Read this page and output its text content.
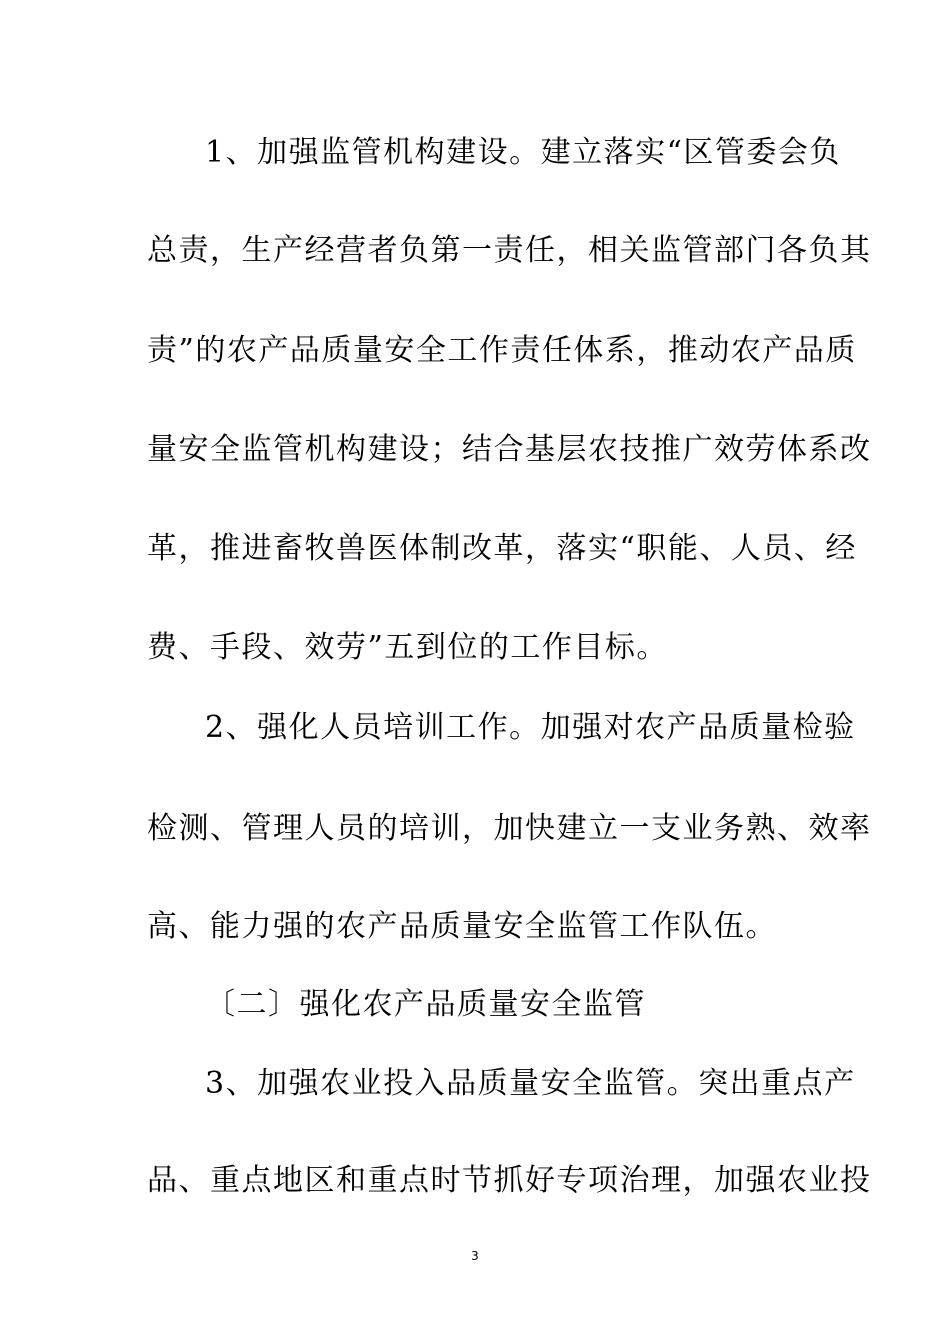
1、加强监管机构建设。建立落实“区管委会负
总责，生产经营者负第一责任，相关监管部门各负其
责”的农产品质量安全工作责任体系，推动农产品质
量安全监管机构建设；结合基层农技推广效劳体系改
革，推进畜牧兽医体制改革，落实“职能、人员、经
费、手段、效劳”五到位的工作目标。
2、强化人员培训工作。加强对农产品质量检验
检测、管理人员的培训，加快建立一支业务熟、效率
高、能力强的农产品质量安全监管工作队伍。
〔二〕强化农产品质量安全监管
3、加强农业投入品质量安全监管。突出重点产
品、重点地区和重点时节抓好专项治理，加强农业投
3
